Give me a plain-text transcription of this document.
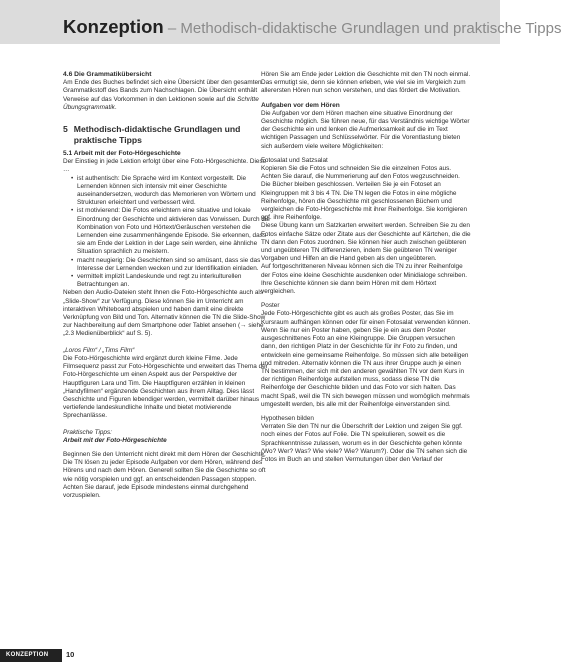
Konzeption – Methodisch-didaktische Grundlagen und praktische Tipps

4.6 Die Grammatikübersicht

Am Ende des Buches befindet sich eine Übersicht über den gesamten Grammatikstoff des Bands zum Nachschlagen. Die Übersicht enthält Verweise auf das Vorkommen in den Lektionen sowie auf die Schritte Übungsgrammatik.

5 Methodisch-didaktische Grundlagen und praktische Tipps

5.1 Arbeit mit der Foto-Hörgeschichte

Der Einstieg in jede Lektion erfolgt über eine Foto-Hörgeschichte. Diese …

• ist authentisch: Die Sprache wird im Kontext vorgestellt. Die Lernenden können sich intensiv mit einer Geschichte auseinandersetzen, wodurch das Memorieren von Wörtern und Strukturen erleichtert und verbessert wird.
• ist motivierend: Die Fotos erleichtern eine situative und lokale Einordnung der Geschichte und aktivieren das Vorwissen. Durch die Kombination von Foto und Hörtext/Geräuschen verstehen die Lernenden eine zusammenhängende Episode. Sie erkennen, dass sie am Ende der Lektion in der Lage sein werden, eine ähnliche Situation sprachlich zu meistern.
• macht neugierig: Die Geschichten sind so amüsant, dass sie das Interesse der Lernenden wecken und zur Identifikation einladen.
• vermittelt implizit Landeskunde und regt zu interkulturellen Betrachtungen an.

Neben den Audio-Dateien steht Ihnen die Foto-Hörgeschichte auch als „Slide-Show“ zur Verfügung. Diese können Sie im Unterricht am interaktiven Whiteboard abspielen und haben damit eine direkte Verknüpfung von Bild und Ton. Alternativ können die TN die Slide-Show zur Nachbereitung auf dem Smartphone oder Tablet ansehen (→ siehe „2.3 Medienüberblick“ auf S. 5).

„Loros Film“ / „Tims Film“

Die Foto-Hörgeschichte wird ergänzt durch kleine Filme. Jede Filmsequenz passt zur Foto-Hörgeschichte und erweitert das Thema der Foto-Hörgeschichte um einen Aspekt aus der Perspektive der Hauptfiguren Lara und Tim. Die Hauptfiguren erzählen in kleinen „Handyfilmen“ ergänzende Geschichten aus ihrem Alltag. Dies lässt Geschichte und Figuren lebendiger werden, vermittelt darüber hinaus vertiefende landeskundliche Inhalte und bietet motivierende Sprechanlässe.

Praktische Tipps:

Arbeit mit der Foto-Hörgeschichte

Beginnen Sie den Unterricht nicht direkt mit dem Hören der Geschichte. Die TN lösen zu jeder Episode Aufgaben vor dem Hören, während des Hörens und nach dem Hören. Generell sollten Sie die Geschichte so oft wie nötig vorspielen und ggf. an entscheidenden Passagen stoppen. Achten Sie darauf, jede Episode mindestens einmal durchgehend vorzuspielen.

Hören Sie am Ende jeder Lektion die Geschichte mit den TN noch einmal. Das ermutigt sie, denn sie können erleben, wie viel sie im Vergleich zum allerersten Hören nun schon verstehen, und das fördert die Motivation.

Aufgaben vor dem Hören

Die Aufgaben vor dem Hören machen eine situative Einordnung der Geschichte möglich. Sie führen neue, für das Verständnis wichtige Wörter der Geschichte ein und lenken die Aufmerksamkeit auf die im Text wichtigen Passagen und Schlüsselwörter. Für die Vorentlastung bieten sich außerdem viele weitere Möglichkeiten:

Fotosalat und Satzsalat

Kopieren Sie die Fotos und schneiden Sie die einzelnen Fotos aus. Achten Sie darauf, die Nummerierung auf den Fotos wegzuschneiden. Die Bücher bleiben geschlossen. Verteilen Sie je ein Fotoset an Kleingruppen mit 3 bis 4 TN. Die TN legen die Fotos in eine mögliche Reihenfolge, hören die Geschichte mit geschlossenen Büchern und vergleichen die Foto-Hörgeschichte mit ihrer Reihenfolge. Sie korrigieren ggf. ihre Reihenfolge.

Diese Übung kann um Satzkarten erweitert werden. Schreiben Sie zu den Fotos einfache Sätze oder Zitate aus der Geschichte auf Kärtchen, die die TN dann den Fotos zuordnen. Sie können hier auch zwischen geübteren und ungeübteren TN differenzieren, indem Sie geübteren TN weniger Vorgaben und Hilfen an die Hand geben als den ungeübteren.

Auf fortgeschritteneren Niveau können sich die TN zu ihrer Reihenfolge der Fotos eine kleine Geschichte ausdenken oder Minidialoge schreiben. Ihre Geschichte können sie dann beim Hören mit dem Hörtext vergleichen.

Poster

Jede Foto-Hörgeschichte gibt es auch als großes Poster, das Sie im Kursraum aufhängen können oder für einen Fotosalat verwenden können. Wenn Sie nur ein Poster haben, geben Sie je ein aus dem Poster ausgeschnittenes Foto an eine Kleingruppe. Die Gruppen versuchen dann, den richtigen Platz in der Geschichte für ihr Foto zu finden, und entwickeln eine gemeinsame Reihenfolge. So müssen sich alle beteiligen und mitreden. Alternativ können die TN aus ihrer Gruppe auch je einen TN bestimmen, der sich mit den anderen gewählten TN vor dem Kurs in der richtigen Reihenfolge aufstellen muss, sodass diese TN die Reihenfolge der Geschichte bilden und das Foto vor sich halten. Das macht Spaß, weil die TN sich bewegen müssen und womöglich mehrmals umgestellt werden, bis alle mit der Reihenfolge einverstanden sind.

Hypothesen bilden

Verraten Sie den TN nur die Überschrift der Lektion und zeigen Sie ggf. noch eines der Fotos auf Folie. Die TN spekulieren, soweit es die Sprachkenntnisse zulassen, worum es in der Geschichte gehen könnte (Wo? Wer? Was? Wie viele? Wie? Warum?). Oder die TN sehen sich die Fotos im Buch an und stellen Vermutungen über den Verlauf der

KONZEPTION 10
